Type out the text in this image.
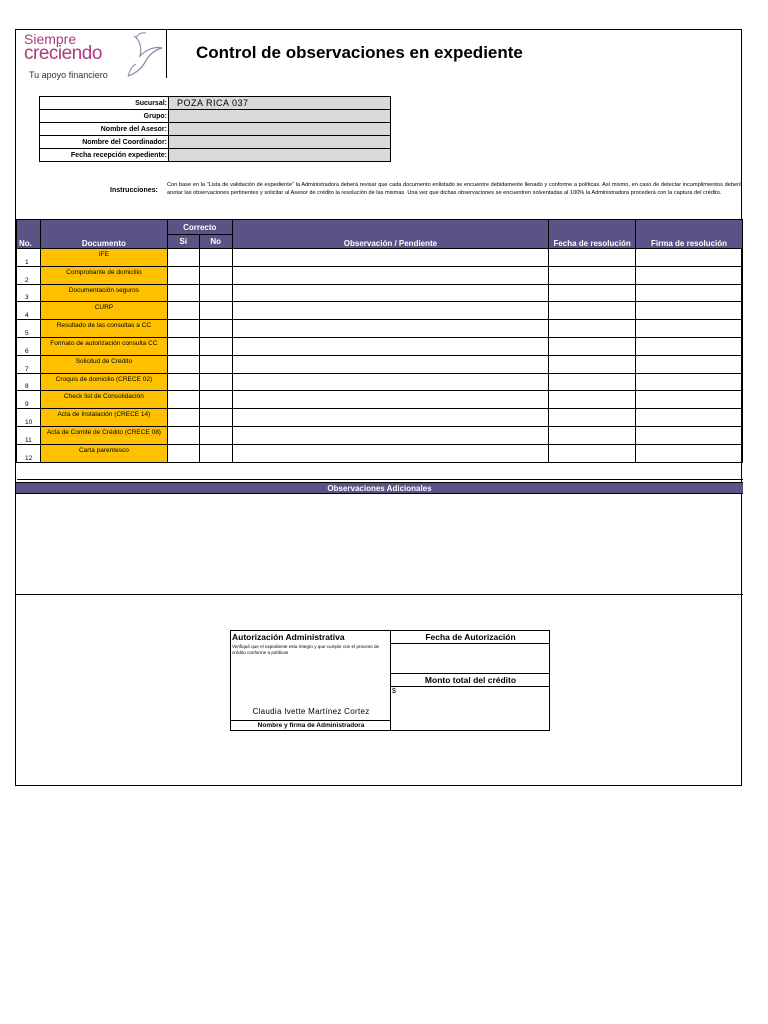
Siempre
creciendo
Tu apoyo financiero
Control de observaciones en expediente
Sucursal:	POZA RICA 037
Grupo:	
Nombre del Asesor:	
Nombre del Coordinador:	
Fecha recepción expediente:	
Instrucciones:
Con base en la "Lista de validación de expediente" la Administradora deberá revisar que cada documento enlistado se encuentre debidamente llenado y conforme a políticas. Así mismo, en caso de detectar incumplimientos deberá anotar las observaciones pertinentes y solicitar al Asesor de crédito la resolución de las mismas. Una vez que dichas observaciones se encuentren solventadas al 100% la Administradora procederá con la captura del crédito.
No.	Documento	Correcto		Observación / Pendiente	Fecha de resolución	Firma de resolución
		Si	No			
1	IFE					
2	Comprobante de domicilio					
3	Documentación seguros					
4	CURP					
5	Resultado de las consultas a CC					
6	Formato de autorización consulta CC					
7	Solicitud de Crédito					
8	Croquis de domicilio (CRECE 02)					
9	Check list de Consolidación					
10	Acta de Instalación (CRECE 14)					
11	Acta de Comité de Crédito (CRECE 08)					
12	Carta parentesco					

Observaciones Adicionales
Autorización Administrativa
Verifiqué que el expediente esta íntegro y que cumple con el proceso de crédito conforme a políticas
Claudia Ivette Martínez Cortez
Nombre y firma de Administradora
Fecha de Autorización
Monto total del crédito
$
